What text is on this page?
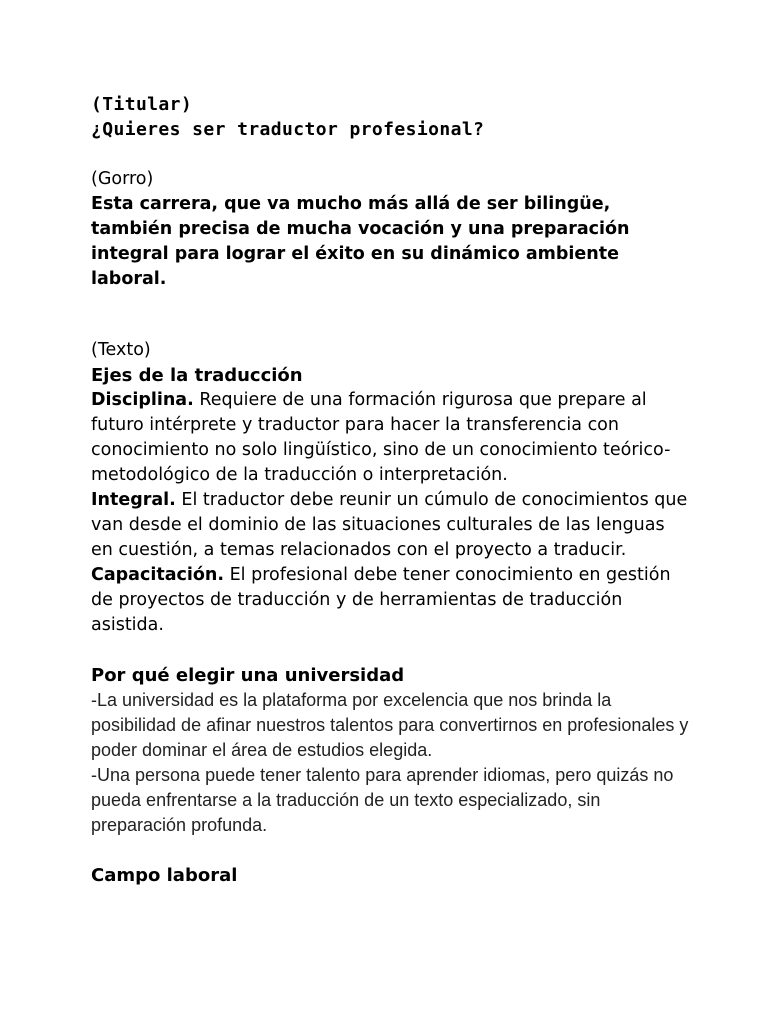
(Titular)
¿Quieres ser traductor profesional?
(Gorro)

Esta carrera, que va mucho más allá de ser bilingüe, también precisa de mucha vocación y una preparación integral para lograr el éxito en su dinámico ambiente laboral.

(Texto)
Ejes de la traducción

Disciplina. Requiere de una formación rigurosa que prepare al futuro intérprete y traductor para hacer la transferencia con conocimiento no solo lingüístico, sino de un conocimiento teórico-metodológico de la traducción o interpretación.

Integral. El traductor debe reunir un cúmulo de conocimientos que van desde el dominio de las situaciones culturales de las lenguas en cuestión, a temas relacionados con el proyecto a traducir.

Capacitación. El profesional debe tener conocimiento en gestión de proyectos de traducción y de herramientas de traducción asistida.

Por qué elegir una universidad

-La universidad es la plataforma por excelencia que nos brinda la posibilidad de afinar nuestros talentos para convertirnos en profesionales y poder dominar el área de estudios elegida.

-Una persona puede tener talento para aprender idiomas, pero quizás no pueda enfrentarse a la traducción de un texto especializado, sin preparación profunda.

Campo laboral
